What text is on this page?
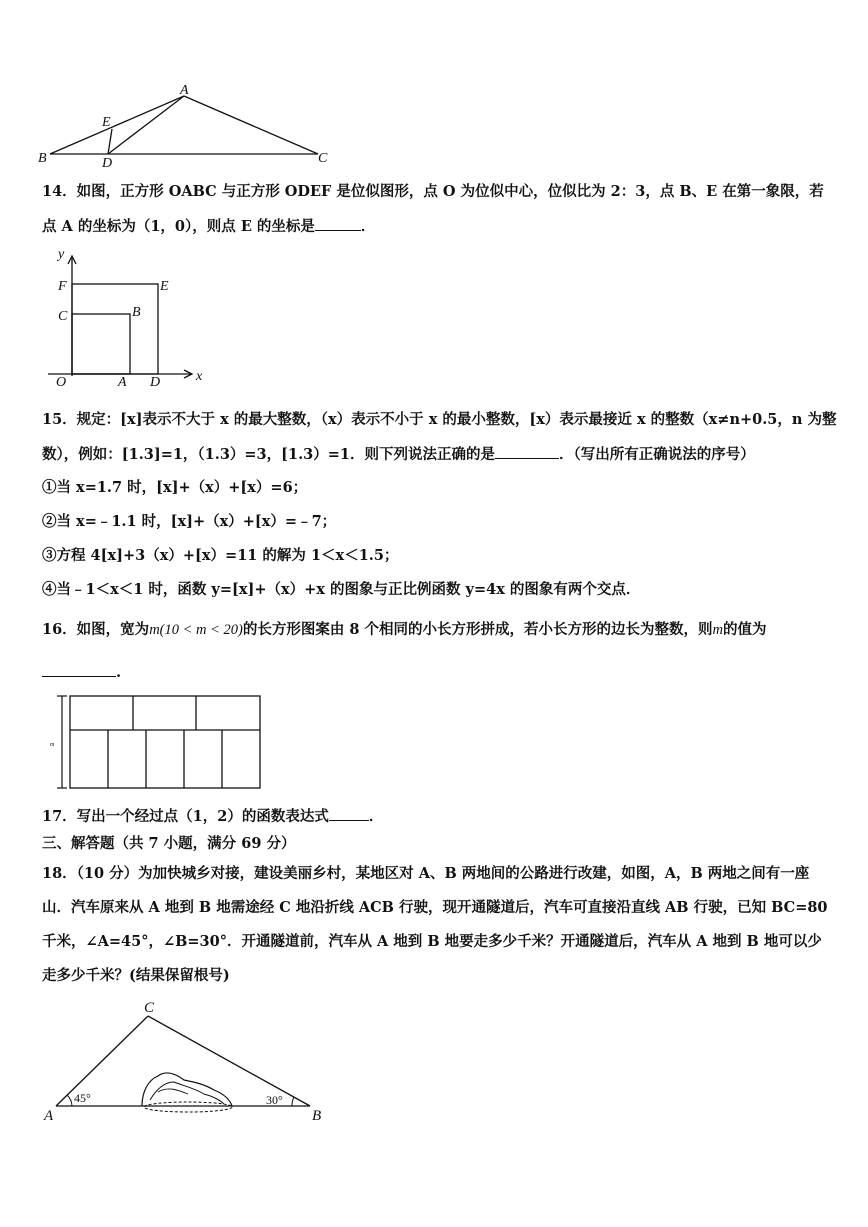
A
B	C
D
E
14．如图，正方形 OABC 与正方形 ODEF 是位似图形，点 O 为位似中心，位似比为 2：3，点 B、E 在第一象限，若
点 A 的坐标为（1，0），则点 E 的坐标是	．
y
x
F	E
C	B
O	A D
15．规定：[x]表示不大于 x 的最大整数，（x）表示不小于 x 的最小整数，[x）表示最接近 x 的整数（x≠n+0.5，n 为整
数），例如：[1.3]=1，（1.3）=3，[1.3）=1．则下列说法正确的是	．（写出所有正确说法的序号）
①当 x=1.7 时，[x]+（x）+[x）=6；
②当 x=﹣1.1 时，[x]+（x）+[x）=﹣7；
③方程 4[x]+3（x）+[x）=11 的解为 1＜x＜1.5；
④当﹣1＜x＜1 时，函数 y=[x]+（x）+x 的图象与正比例函数 y=4x 的图象有两个交点．
16．如图，宽为m(10 < m < 20)的长方形图案由 8 个相同的小长方形拼成，若小长方形的边长为整数，则m的值为
.
m
17．写出一个经过点（1，2）的函数表达式	．
三、解答题（共 7 小题，满分 69 分）
18．（10 分）为加快城乡对接，建设美丽乡村，某地区对 A、B 两地间的公路进行改建，如图，A，B 两地之间有一座
山．汽车原来从 A 地到 B 地需途经 C 地沿折线 ACB 行驶，现开通隧道后，汽车可直接沿直线 AB 行驶，已知 BC=80
千米，∠A=45°，∠B=30°．开通隧道前，汽车从 A 地到 B 地要走多少千米？开通隧道后，汽车从 A 地到 B 地可以少
走多少千米？(结果保留根号)
C
A	B
45°	30°
